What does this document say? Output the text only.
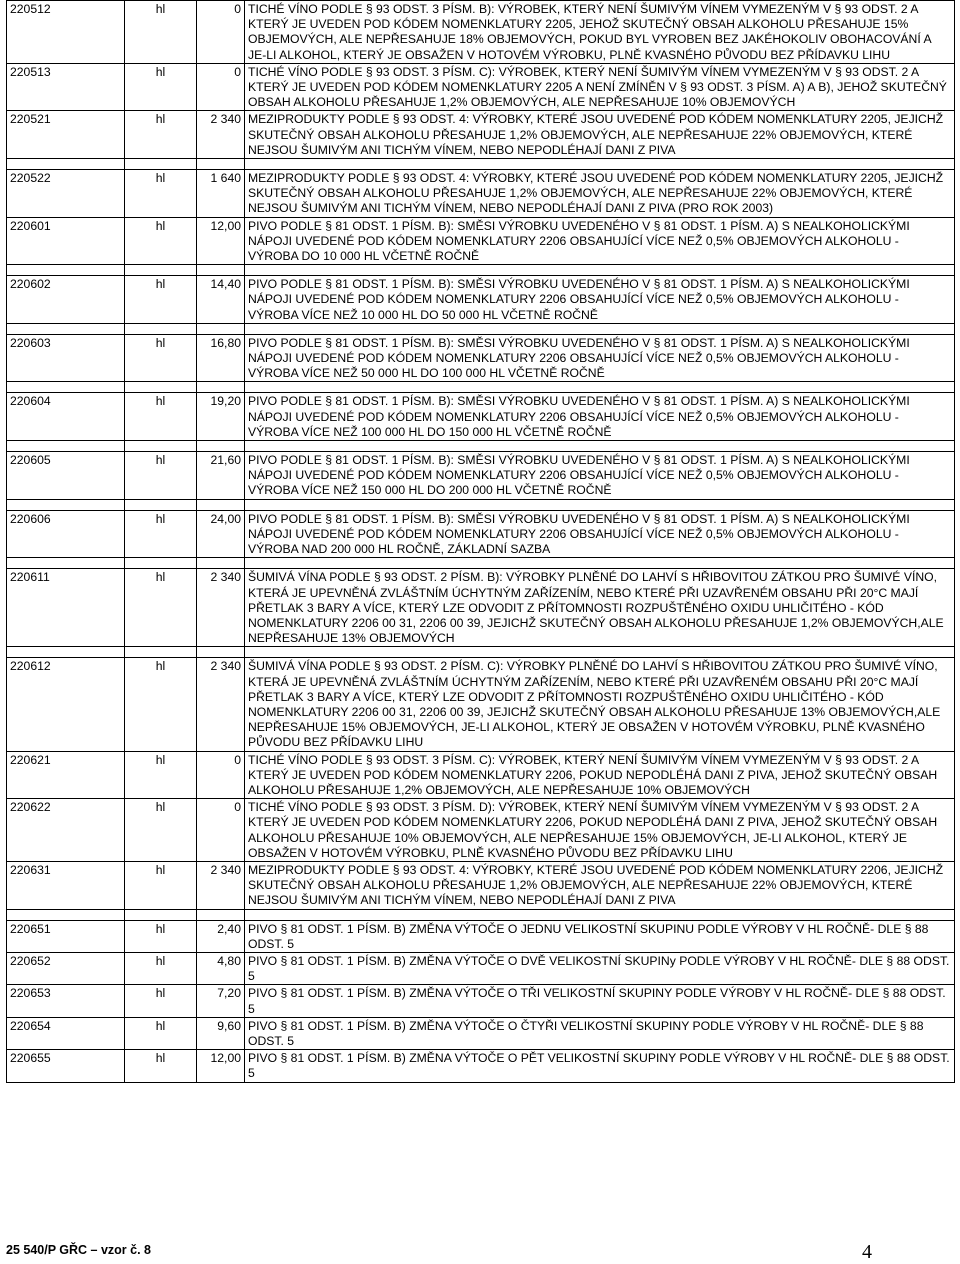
220512	hl	0	TICHÉ VÍNO PODLE § 93 ODST. 3 PÍSM. B): VÝROBEK, KTERÝ NENÍ ŠUMIVÝM VÍNEM VYMEZENÝM V § 93 ODST. 2 A KTERÝ JE UVEDEN POD KÓDEM NOMENKLATURY 2205, JEHOŽ SKUTEČNÝ OBSAH ALKOHOLU PŘESAHUJE 15% OBJEMOVÝCH, ALE NEPŘESAHUJE 18% OBJEMOVÝCH, POKUD BYL VYROBEN BEZ JAKÉHOKOLIV OBOHACOVÁNÍ A JE-LI ALKOHOL, KTERÝ JE OBSAŽEN V HOTOVÉM VÝROBKU, PLNĚ KVASNÉHO PŮVODU BEZ PŘÍDAVKU LIHU
220513	hl	0	TICHÉ VÍNO PODLE § 93 ODST. 3 PÍSM. C): VÝROBEK, KTERÝ NENÍ ŠUMIVÝM VÍNEM VYMEZENÝM V § 93 ODST. 2 A KTERÝ JE UVEDEN POD KÓDEM NOMENKLATURY 2205 A NENÍ ZMÍNĚN V § 93 ODST. 3 PÍSM. A) A B), JEHOŽ SKUTEČNÝ OBSAH ALKOHOLU PŘESAHUJE 1,2% OBJEMOVÝCH, ALE NEPŘESAHUJE 10% OBJEMOVÝCH
220521	hl	2 340	MEZIPRODUKTY PODLE § 93 ODST. 4: VÝROBKY, KTERÉ JSOU UVEDENÉ POD KÓDEM NOMENKLATURY 2205, JEJICHŽ SKUTEČNÝ OBSAH ALKOHOLU PŘESAHUJE 1,2% OBJEMOVÝCH, ALE NEPŘESAHUJE 22% OBJEMOVÝCH, KTERÉ NEJSOU ŠUMIVÝM ANI TICHÝM VÍNEM, NEBO NEPODLÉHAJÍ DANI Z PIVA

220522	hl	1 640	MEZIPRODUKTY PODLE § 93 ODST. 4: VÝROBKY, KTERÉ JSOU UVEDENÉ POD KÓDEM NOMENKLATURY 2205, JEJICHŽ SKUTEČNÝ OBSAH ALKOHOLU PŘESAHUJE 1,2% OBJEMOVÝCH, ALE NEPŘESAHUJE 22% OBJEMOVÝCH, KTERÉ NEJSOU ŠUMIVÝM ANI TICHÝM VÍNEM, NEBO NEPODLÉHAJÍ DANI Z PIVA (PRO ROK 2003)
220601	hl	12,00	PIVO PODLE § 81 ODST. 1 PÍSM. B): SMĚSI VÝROBKU UVEDENÉHO V § 81 ODST. 1 PÍSM. A) S NEALKOHOLICKÝMI NÁPOJI UVEDENÉ POD KÓDEM NOMENKLATURY 2206 OBSAHUJÍCÍ VÍCE NEŽ 0,5% OBJEMOVÝCH ALKOHOLU - VÝROBA DO 10 000 HL VČETNĚ ROČNĚ

220602	hl	14,40	PIVO PODLE § 81 ODST. 1 PÍSM. B): SMĚSI VÝROBKU UVEDENÉHO V § 81 ODST. 1 PÍSM. A) S NEALKOHOLICKÝMI NÁPOJI UVEDENÉ POD KÓDEM NOMENKLATURY 2206 OBSAHUJÍCÍ VÍCE NEŽ 0,5% OBJEMOVÝCH ALKOHOLU - VÝROBA VÍCE NEŽ 10 000 HL DO 50 000 HL VČETNĚ ROČNĚ

220603	hl	16,80	PIVO PODLE § 81 ODST. 1 PÍSM. B): SMĚSI VÝROBKU UVEDENÉHO V § 81 ODST. 1 PÍSM. A) S NEALKOHOLICKÝMI NÁPOJI UVEDENÉ POD KÓDEM NOMENKLATURY 2206 OBSAHUJÍCÍ VÍCE NEŽ 0,5% OBJEMOVÝCH ALKOHOLU - VÝROBA VÍCE NEŽ 50 000 HL DO 100 000 HL VČETNĚ ROČNĚ

220604	hl	19,20	PIVO PODLE § 81 ODST. 1 PÍSM. B): SMĚSI VÝROBKU UVEDENÉHO V § 81 ODST. 1 PÍSM. A) S NEALKOHOLICKÝMI NÁPOJI UVEDENÉ POD KÓDEM NOMENKLATURY 2206 OBSAHUJÍCÍ VÍCE NEŽ 0,5% OBJEMOVÝCH ALKOHOLU - VÝROBA VÍCE NEŽ 100 000 HL DO 150 000 HL VČETNĚ ROČNĚ

220605	hl	21,60	PIVO PODLE § 81 ODST. 1 PÍSM. B): SMĚSI VÝROBKU UVEDENÉHO V § 81 ODST. 1 PÍSM. A) S NEALKOHOLICKÝMI NÁPOJI UVEDENÉ POD KÓDEM NOMENKLATURY 2206 OBSAHUJÍCÍ VÍCE NEŽ 0,5% OBJEMOVÝCH ALKOHOLU - VÝROBA VÍCE NEŽ 150 000 HL DO 200 000 HL VČETNĚ ROČNĚ

220606	hl	24,00	PIVO PODLE § 81 ODST. 1 PÍSM. B): SMĚSI VÝROBKU UVEDENÉHO V § 81 ODST. 1 PÍSM. A) S NEALKOHOLICKÝMI NÁPOJI UVEDENÉ POD KÓDEM NOMENKLATURY 2206 OBSAHUJÍCÍ VÍCE NEŽ 0,5% OBJEMOVÝCH ALKOHOLU - VÝROBA NAD 200 000 HL ROČNĚ, ZÁKLADNÍ SAZBA

220611	hl	2 340	ŠUMIVÁ VÍNA PODLE § 93 ODST. 2 PÍSM. B): VÝROBKY PLNĚNÉ DO LAHVÍ S HŘIBOVITOU ZÁTKOU PRO ŠUMIVÉ VÍNO, KTERÁ JE UPEVNĚNÁ ZVLÁŠTNÍM ÚCHYTNÝM ZAŘÍZENÍM, NEBO KTERÉ PŘI UZAVŘENÉM OBSAHU PŘI 20°C MAJÍ PŘETLAK 3 BARY A VÍCE, KTERÝ LZE ODVODIT Z PŘÍTOMNOSTI ROZPUŠTĚNÉHO OXIDU UHLIČITÉHO - KÓD NOMENKLATURY 2206 00 31, 2206 00 39, JEJICHŽ SKUTEČNÝ OBSAH ALKOHOLU PŘESAHUJE 1,2% OBJEMOVÝCH,ALE NEPŘESAHUJE 13% OBJEMOVÝCH

220612	hl	2 340	ŠUMIVÁ VÍNA PODLE § 93 ODST. 2 PÍSM. C): VÝROBKY PLNĚNÉ DO LAHVÍ S HŘIBOVITOU ZÁTKOU PRO ŠUMIVÉ VÍNO, KTERÁ JE UPEVNĚNÁ ZVLÁŠTNÍM ÚCHYTNÝM ZAŘÍZENÍM, NEBO KTERÉ PŘI UZAVŘENÉM OBSAHU PŘI 20°C MAJÍ PŘETLAK 3 BARY A VÍCE, KTERÝ LZE ODVODIT Z PŘÍTOMNOSTI ROZPUŠTĚNÉHO OXIDU UHLIČITÉHO - KÓD NOMENKLATURY 2206 00 31, 2206 00 39, JEJICHŽ SKUTEČNÝ OBSAH ALKOHOLU PŘESAHUJE 13% OBJEMOVÝCH,ALE NEPŘESAHUJE 15% OBJEMOVÝCH, JE-LI ALKOHOL, KTERÝ JE OBSAŽEN V HOTOVÉM VÝROBKU, PLNĚ KVASNÉHO PŮVODU BEZ PŘÍDAVKU LIHU
220621	hl	0	TICHÉ VÍNO PODLE § 93 ODST. 3 PÍSM. C): VÝROBEK, KTERÝ NENÍ ŠUMIVÝM VÍNEM VYMEZENÝM V § 93 ODST. 2 A KTERÝ JE UVEDEN POD KÓDEM NOMENKLATURY 2206, POKUD NEPODLÉHÁ DANI Z PIVA, JEHOŽ SKUTEČNÝ OBSAH ALKOHOLU PŘESAHUJE 1,2% OBJEMOVÝCH, ALE NEPŘESAHUJE 10% OBJEMOVÝCH
220622	hl	0	TICHÉ VÍNO PODLE § 93 ODST. 3 PÍSM. D): VÝROBEK, KTERÝ NENÍ ŠUMIVÝM VÍNEM VYMEZENÝM V § 93 ODST. 2 A KTERÝ JE UVEDEN POD KÓDEM NOMENKLATURY 2206, POKUD NEPODLÉHÁ DANI Z PIVA, JEHOŽ SKUTEČNÝ OBSAH ALKOHOLU PŘESAHUJE 10% OBJEMOVÝCH, ALE NEPŘESAHUJE 15% OBJEMOVÝCH, JE-LI ALKOHOL, KTERÝ JE OBSAŽEN V HOTOVÉM VÝROBKU, PLNĚ KVASNÉHO PŮVODU BEZ PŘÍDAVKU LIHU
220631	hl	2 340	MEZIPRODUKTY PODLE § 93 ODST. 4: VÝROBKY, KTERÉ JSOU UVEDENÉ POD KÓDEM NOMENKLATURY 2206, JEJICHŽ SKUTEČNÝ OBSAH ALKOHOLU PŘESAHUJE 1,2% OBJEMOVÝCH, ALE NEPŘESAHUJE 22% OBJEMOVÝCH, KTERÉ NEJSOU ŠUMIVÝM ANI TICHÝM VÍNEM, NEBO NEPODLÉHAJÍ DANI Z PIVA

220651	hl	2,40	PIVO § 81 ODST. 1 PÍSM. B) ZMĚNA VÝTOČE O JEDNU VELIKOSTNÍ SKUPINU PODLE VÝROBY V HL ROČNĚ- DLE § 88 ODST. 5
220652	hl	4,80	PIVO § 81 ODST. 1 PÍSM. B) ZMĚNA VÝTOČE O DVĚ VELIKOSTNÍ SKUPINy PODLE VÝROBY V HL ROČNĚ- DLE § 88 ODST. 5
220653	hl	7,20	PIVO § 81 ODST. 1 PÍSM. B) ZMĚNA VÝTOČE O TŘI VELIKOSTNÍ SKUPINY PODLE VÝROBY V HL ROČNĚ- DLE § 88 ODST. 5
220654	hl	9,60	PIVO § 81 ODST. 1 PÍSM. B) ZMĚNA VÝTOČE O ČTYŘI VELIKOSTNÍ SKUPINY PODLE VÝROBY V HL ROČNĚ- DLE § 88 ODST. 5
220655	hl	12,00	PIVO § 81 ODST. 1 PÍSM. B) ZMĚNA VÝTOČE O PĚT VELIKOSTNÍ SKUPINY PODLE VÝROBY V HL ROČNĚ- DLE § 88 ODST. 5
25 540/P GŘC – vzor č. 8	4
